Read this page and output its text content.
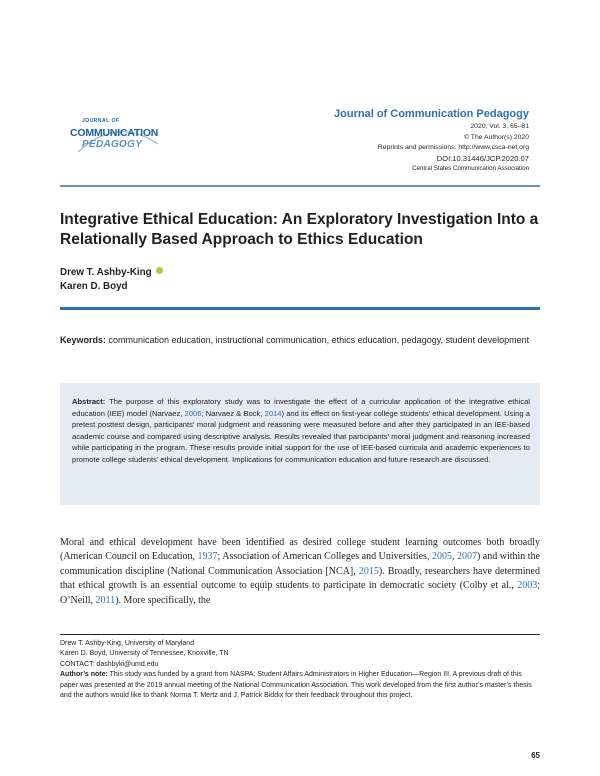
JOURNAL OF
COMMUNICATION
PEDAGOGY
Journal of Communication Pedagogy
2020, Vol. 3, 65–81
© The Author(s) 2020
Reprints and permissions: http://www.csca-net.org
DOI:10.31446/JCP.2020.07
Central States Communication Association
Integrative Ethical Education: An Exploratory Investigation Into a Relationally Based Approach to Ethics Education
Drew T. Ashby-King
Karen D. Boyd
Keywords: communication education, instructional communication, ethics education, pedagogy, student development
Abstract: The purpose of this exploratory study was to investigate the effect of a curricular application of the integrative ethical education (IEE) model (Narvaez, 2006; Narvaez & Bock, 2014) and its effect on first-year college students’ ethical development. Using a pretest posttest design, participants’ moral judgment and reasoning were measured before and after they participated in an IEE-based academic course and compared using descriptive analysis. Results revealed that participants’ moral judgment and reasoning increased while participating in the program. These results provide initial support for the use of IEE-based curricula and academic experiences to promote college students’ ethical development. Implications for communication education and future research are discussed.
Moral and ethical development have been identified as desired college student learning outcomes both broadly (American Council on Education, 1937; Association of American Colleges and Universities, 2005, 2007) and within the communication discipline (National Communication Association [NCA], 2015). Broadly, researchers have determined that ethical growth is an essential outcome to equip students to participate in democratic society (Colby et al., 2003; O’Neill, 2011). More specifically, the
Drew T. Ashby-King, University of Maryland
Karen D. Boyd, University of Tennessee, Knoxville, TN
CONTACT: dashbyki@umd.edu
Author’s note: This study was funded by a grant from NASPA: Student Affairs Administrators in Higher Education—Region III. A previous draft of this paper was presented at the 2019 annual meeting of the National Communication Association. This work developed from the first author’s master’s thesis and the authors would like to thank Norma T. Mertz and J. Patrick Biddix for their feedback throughout this project.
65
